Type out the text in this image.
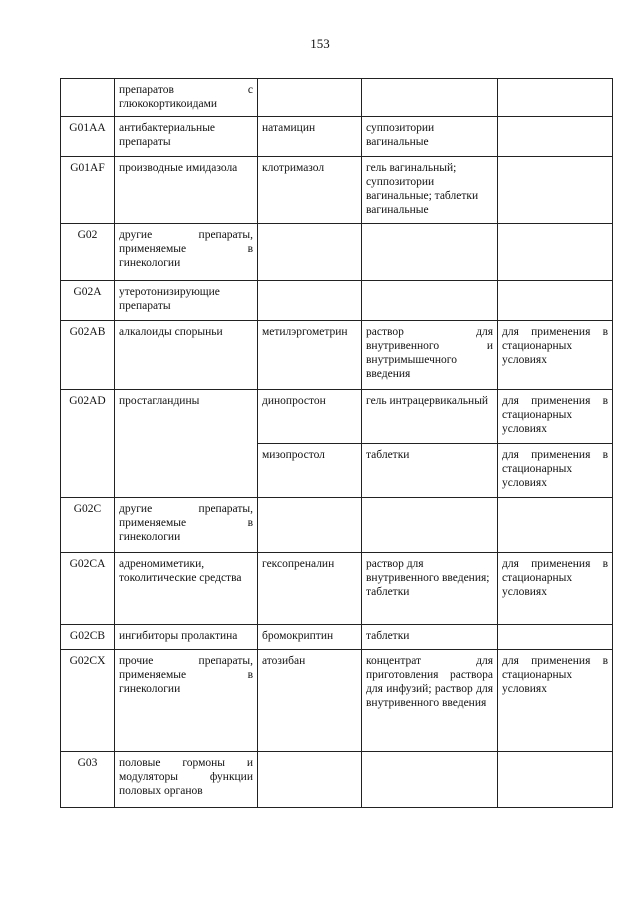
153
	препаратов с глюкокортикоидами			
G01AA	антибактериальные препараты	натамицин	суппозитории вагинальные	
G01AF	производные имидазола	клотримазол	гель вагинальный; суппозитории вагинальные; таблетки вагинальные	
G02	другие препараты, применяемые в гинекологии			
G02A	утеротонизирующие препараты			
G02AB	алкалоиды спорыньи	метилэргометрин	раствор для внутривенного и внутримышечного введения	для применения в стационарных условиях
G02AD	простагландины	динопростон	гель интрацервикальный	для применения в стационарных условиях
		мизопростол	таблетки	для применения в стационарных условиях
G02C	другие препараты, применяемые в гинекологии			
G02CA	адреномиметики, токолитические средства	гексопреналин	раствор для внутривенного введения; таблетки	для применения в стационарных условиях
G02CB	ингибиторы пролактина	бромокриптин	таблетки	
G02CX	прочие препараты, применяемые в гинекологии	атозибан	концентрат для приготовления раствора для инфузий; раствор для внутривенного введения	для применения в стационарных условиях
G03	половые гормоны и модуляторы функции половых органов			
